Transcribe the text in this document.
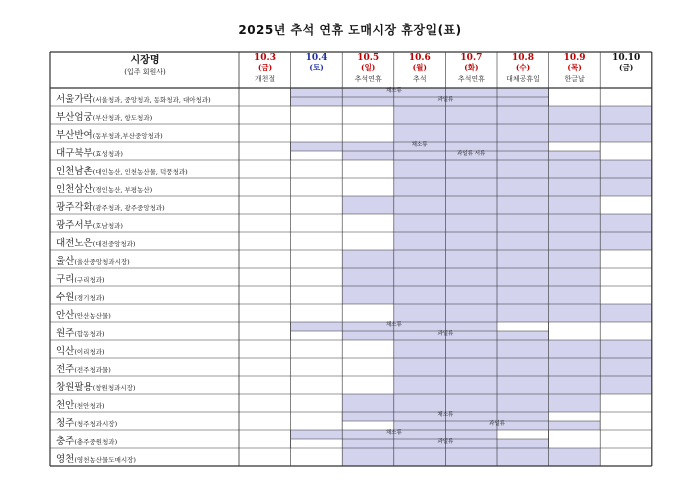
2025년 추석 연휴 도매시장 휴장일(표)
시장명
(입주 회원사)
채소류
과일류
채소류
과일류 서류
채소류
과일류
채소류
과일류
채소류
과일류
10.3
(금)
개천절
10.4
(토)
10.5
(일)
추석연휴
10.6
(월)
추석
10.7
(화)
추석연휴
10.8
(수)
대체공휴일
10.9
(목)
한글날
10.10
(금)
서울가락(서울청과, 중앙청과, 동화청과, 대아청과)
부산엄궁(부산청과, 항도청과)
부산반여(동부청과,부산중앙청과)
대구북부(효성청과)
인천남촌(대인농산, 인천농산물, 덕풍청과)
인천삼산(경인농산, 부평농산)
광주각화(광주청과, 광주중앙청과)
광주서부(호남청과)
대전노은(대전중앙청과)
울산(울산중앙청과시장)
구리(구리청과)
수원(경기청과)
안산(안산농산물)
원주(합동청과)
익산(이리청과)
전주(전주청과물)
창원팔용(창원청과시장)
천안(천안청과)
청주(청주청과시장)
충주(충주중원청과)
영천(영천농산물도매시장)
